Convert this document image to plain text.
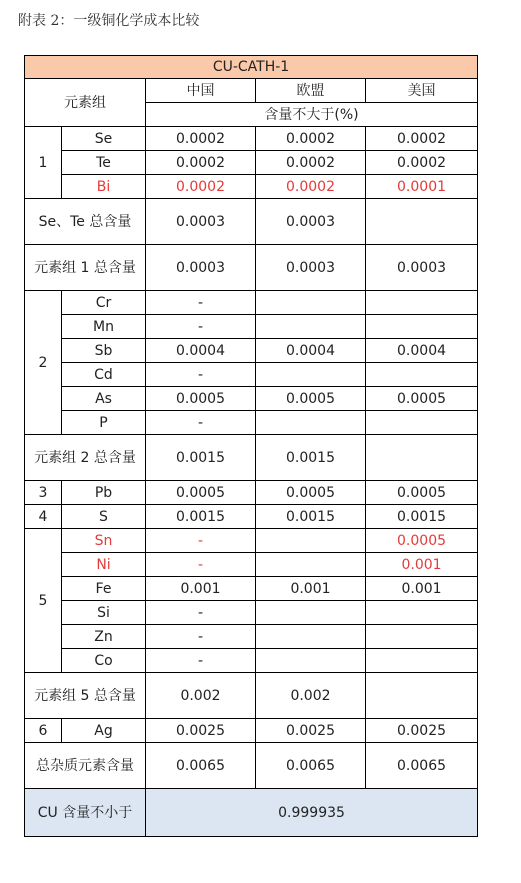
附表 2：一级铜化学成本比较
CU-CATH-1				
元素组		中国	欧盟	美国
		含量不大于(%)		
1	Se	0.0002	0.0002	0.0002
	Te	0.0002	0.0002	0.0002
	Bi	0.0002	0.0002	0.0001
Se、Te 总含量		0.0003	0.0003	
元素组 1 总含量		0.0003	0.0003	0.0003
2	Cr	-		
	Mn	-		
	Sb	0.0004	0.0004	0.0004
	Cd	-		
	As	0.0005	0.0005	0.0005
	P	-		
元素组 2 总含量		0.0015	0.0015	
3	Pb	0.0005	0.0005	0.0005
4	S	0.0015	0.0015	0.0015
5	Sn	-		0.0005
	Ni	-		0.001
	Fe	0.001	0.001	0.001
	Si	-		
	Zn	-		
	Co	-		
元素组 5 总含量		0.002	0.002	
6	Ag	0.0025	0.0025	0.0025
总杂质元素含量		0.0065	0.0065	0.0065
CU 含量不小于		0.999935		
